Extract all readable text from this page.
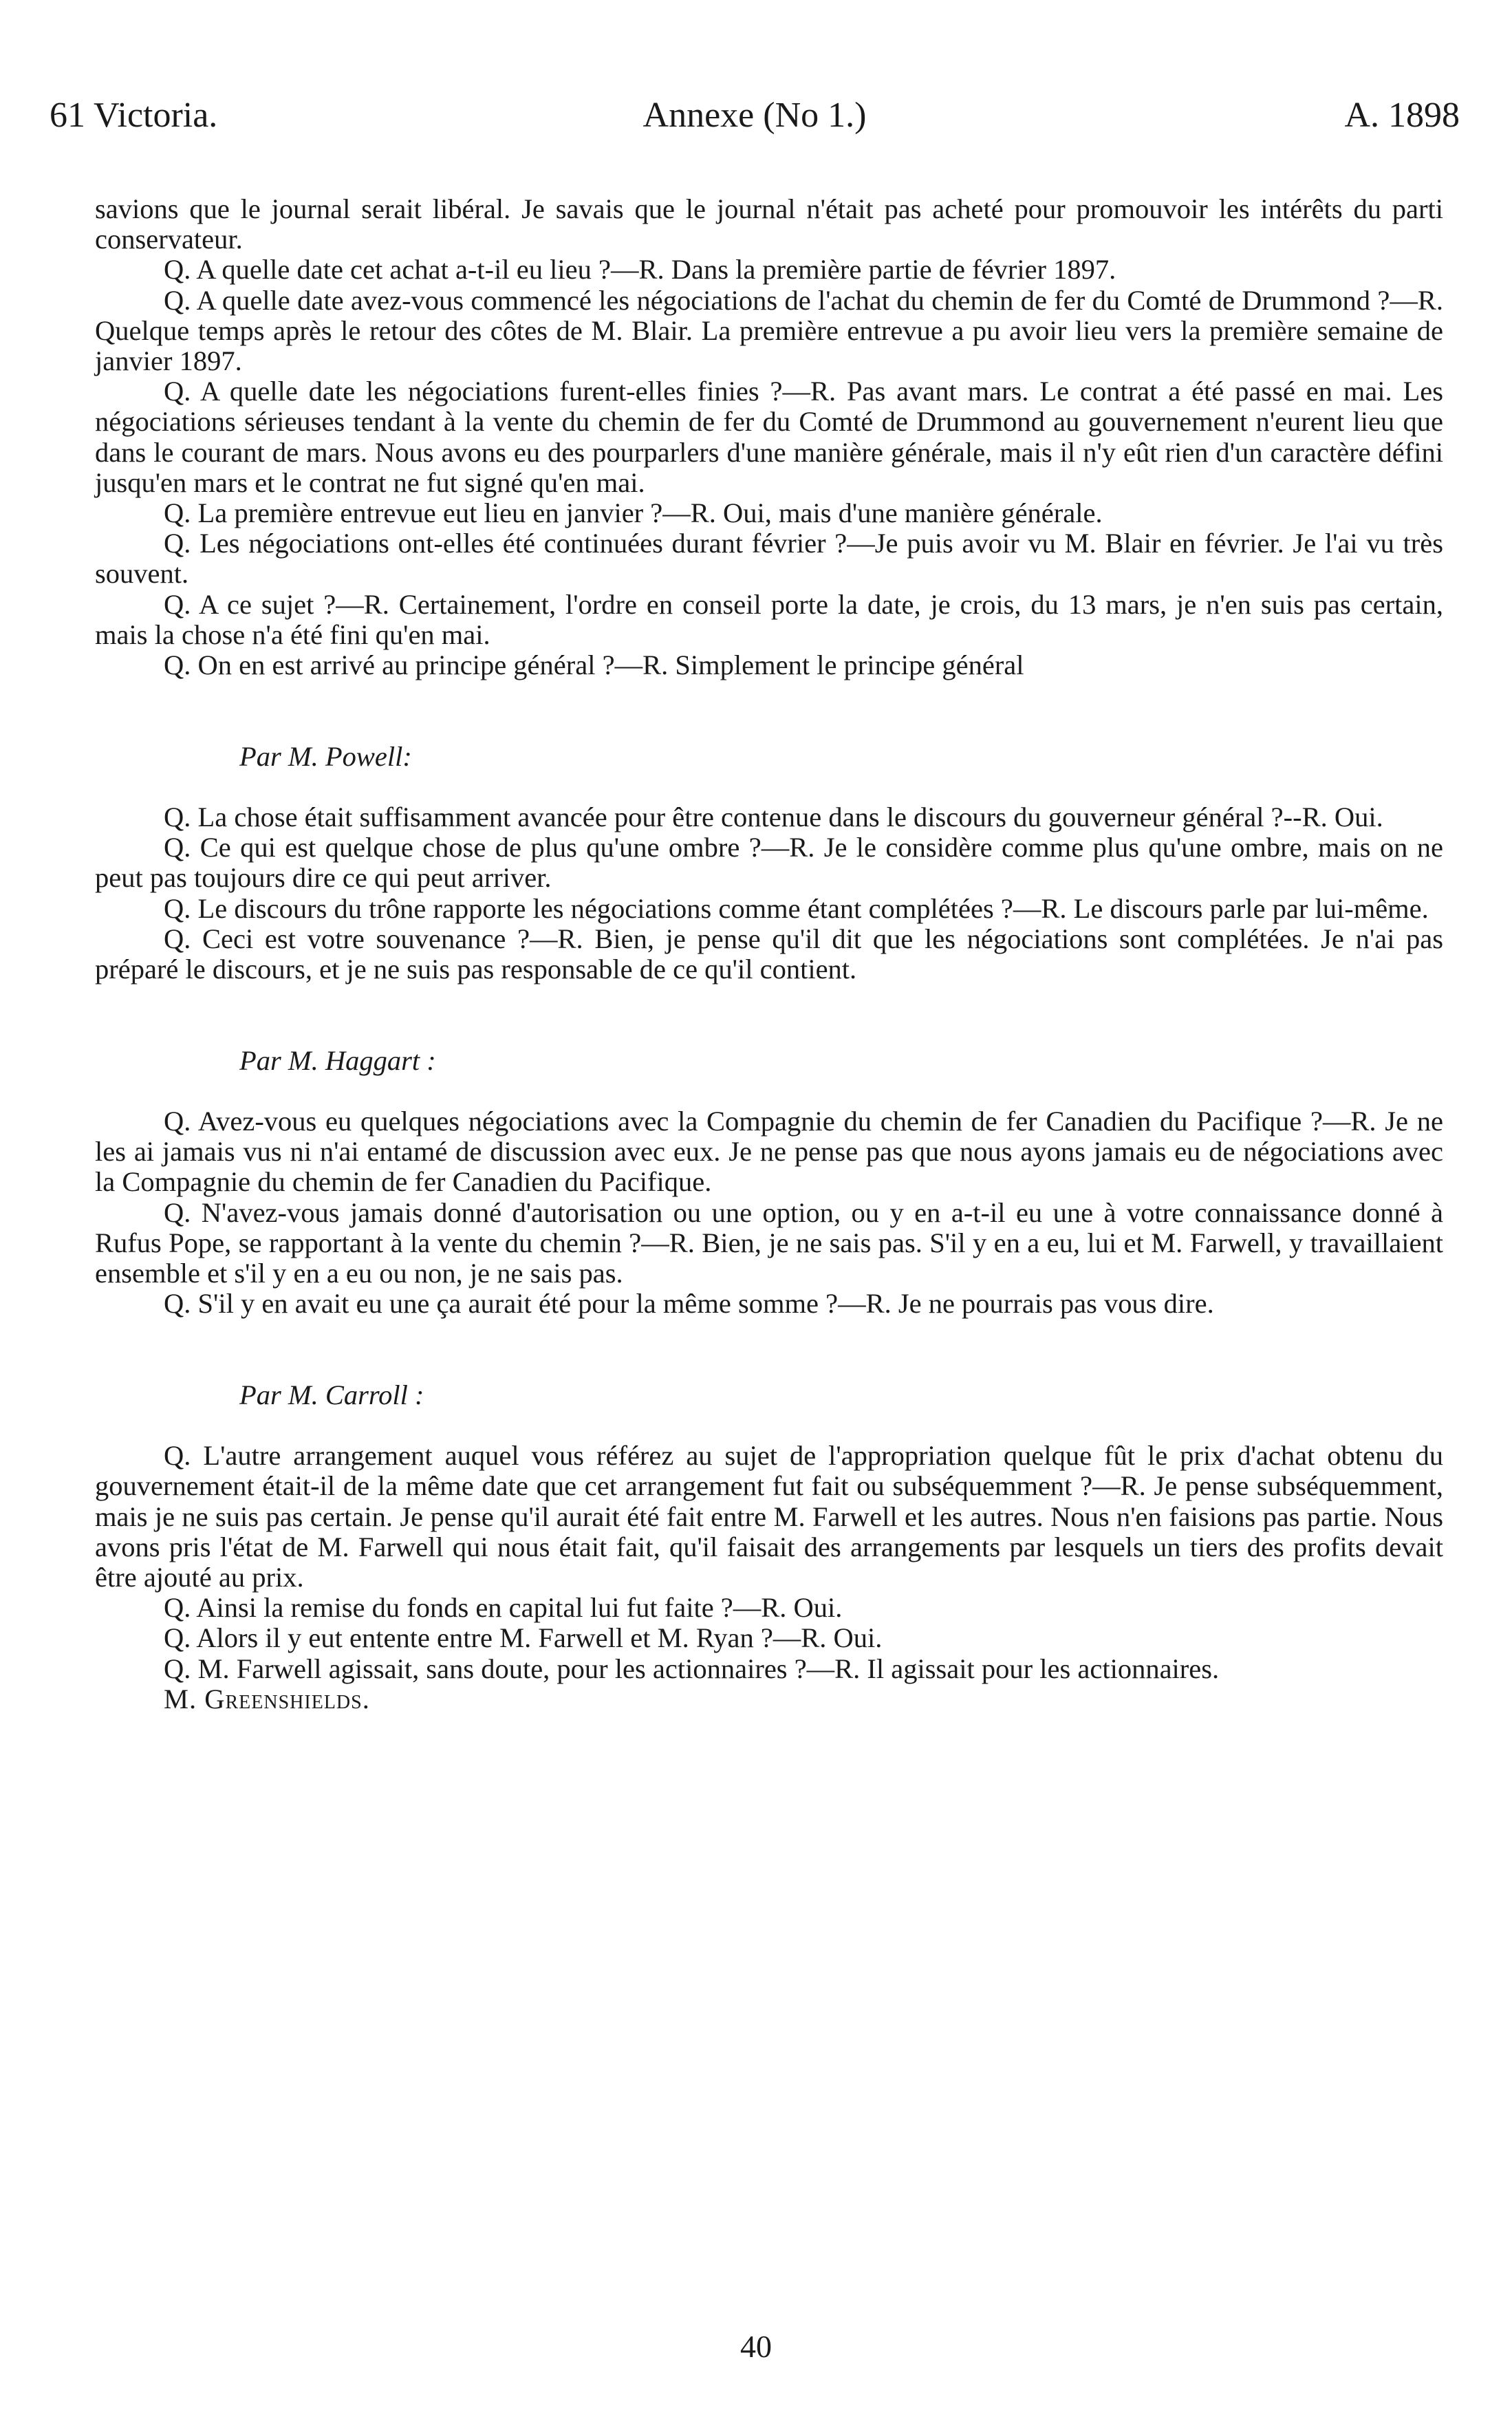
61 Victoria.	Annexe (No 1.)	A. 1898

savions que le journal serait libéral. Je savais que le journal n'était pas acheté pour promouvoir les intérêts du parti conservateur.

Q. A quelle date cet achat a-t-il eu lieu ?—R. Dans la première partie de février 1897.

Q. A quelle date avez-vous commencé les négociations de l'achat du chemin de fer du Comté de Drummond ?—R. Quelque temps après le retour des côtes de M. Blair. La première entrevue a pu avoir lieu vers la première semaine de janvier 1897.

Q. A quelle date les négociations furent-elles finies ?—R. Pas avant mars. Le contrat a été passé en mai. Les négociations sérieuses tendant à la vente du chemin de fer du Comté de Drummond au gouvernement n'eurent lieu que dans le courant de mars. Nous avons eu des pourparlers d'une manière générale, mais il n'y eût rien d'un caractère défini jusqu'en mars et le contrat ne fut signé qu'en mai.

Q. La première entrevue eut lieu en janvier ?—R. Oui, mais d'une manière générale.

Q. Les négociations ont-elles été continuées durant février ?—Je puis avoir vu M. Blair en février. Je l'ai vu très souvent.

Q. A ce sujet ?—R. Certainement, l'ordre en conseil porte la date, je crois, du 13 mars, je n'en suis pas certain, mais la chose n'a été fini qu'en mai.

Q. On en est arrivé au principe général ?—R. Simplement le principe général

Par M. Powell:

Q. La chose était suffisamment avancée pour être contenue dans le discours du gouverneur général ?--R. Oui.

Q. Ce qui est quelque chose de plus qu'une ombre ?—R. Je le considère comme plus qu'une ombre, mais on ne peut pas toujours dire ce qui peut arriver.

Q. Le discours du trône rapporte les négociations comme étant complétées ?—R. Le discours parle par lui-même.

Q. Ceci est votre souvenance ?—R. Bien, je pense qu'il dit que les négociations sont complétées. Je n'ai pas préparé le discours, et je ne suis pas responsable de ce qu'il contient.

Par M. Haggart :

Q. Avez-vous eu quelques négociations avec la Compagnie du chemin de fer Canadien du Pacifique ?—R. Je ne les ai jamais vus ni n'ai entamé de discussion avec eux. Je ne pense pas que nous ayons jamais eu de négociations avec la Compagnie du chemin de fer Canadien du Pacifique.

Q. N'avez-vous jamais donné d'autorisation ou une option, ou y en a-t-il eu une à votre connaissance donné à Rufus Pope, se rapportant à la vente du chemin ?—R. Bien, je ne sais pas. S'il y en a eu, lui et M. Farwell, y travaillaient ensemble et s'il y en a eu ou non, je ne sais pas.

Q. S'il y en avait eu une ça aurait été pour la même somme ?—R. Je ne pourrais pas vous dire.

Par M. Carroll :

Q. L'autre arrangement auquel vous référez au sujet de l'appropriation quelque fût le prix d'achat obtenu du gouvernement était-il de la même date que cet arrangement fut fait ou subséquemment ?—R. Je pense subséquemment, mais je ne suis pas certain. Je pense qu'il aurait été fait entre M. Farwell et les autres. Nous n'en faisions pas partie. Nous avons pris l'état de M. Farwell qui nous était fait, qu'il faisait des arrangements par lesquels un tiers des profits devait être ajouté au prix.

Q. Ainsi la remise du fonds en capital lui fut faite ?—R. Oui.

Q. Alors il y eut entente entre M. Farwell et M. Ryan ?—R. Oui.

Q. M. Farwell agissait, sans doute, pour les actionnaires ?—R. Il agissait pour les actionnaires.

M. Greenshields.
40
